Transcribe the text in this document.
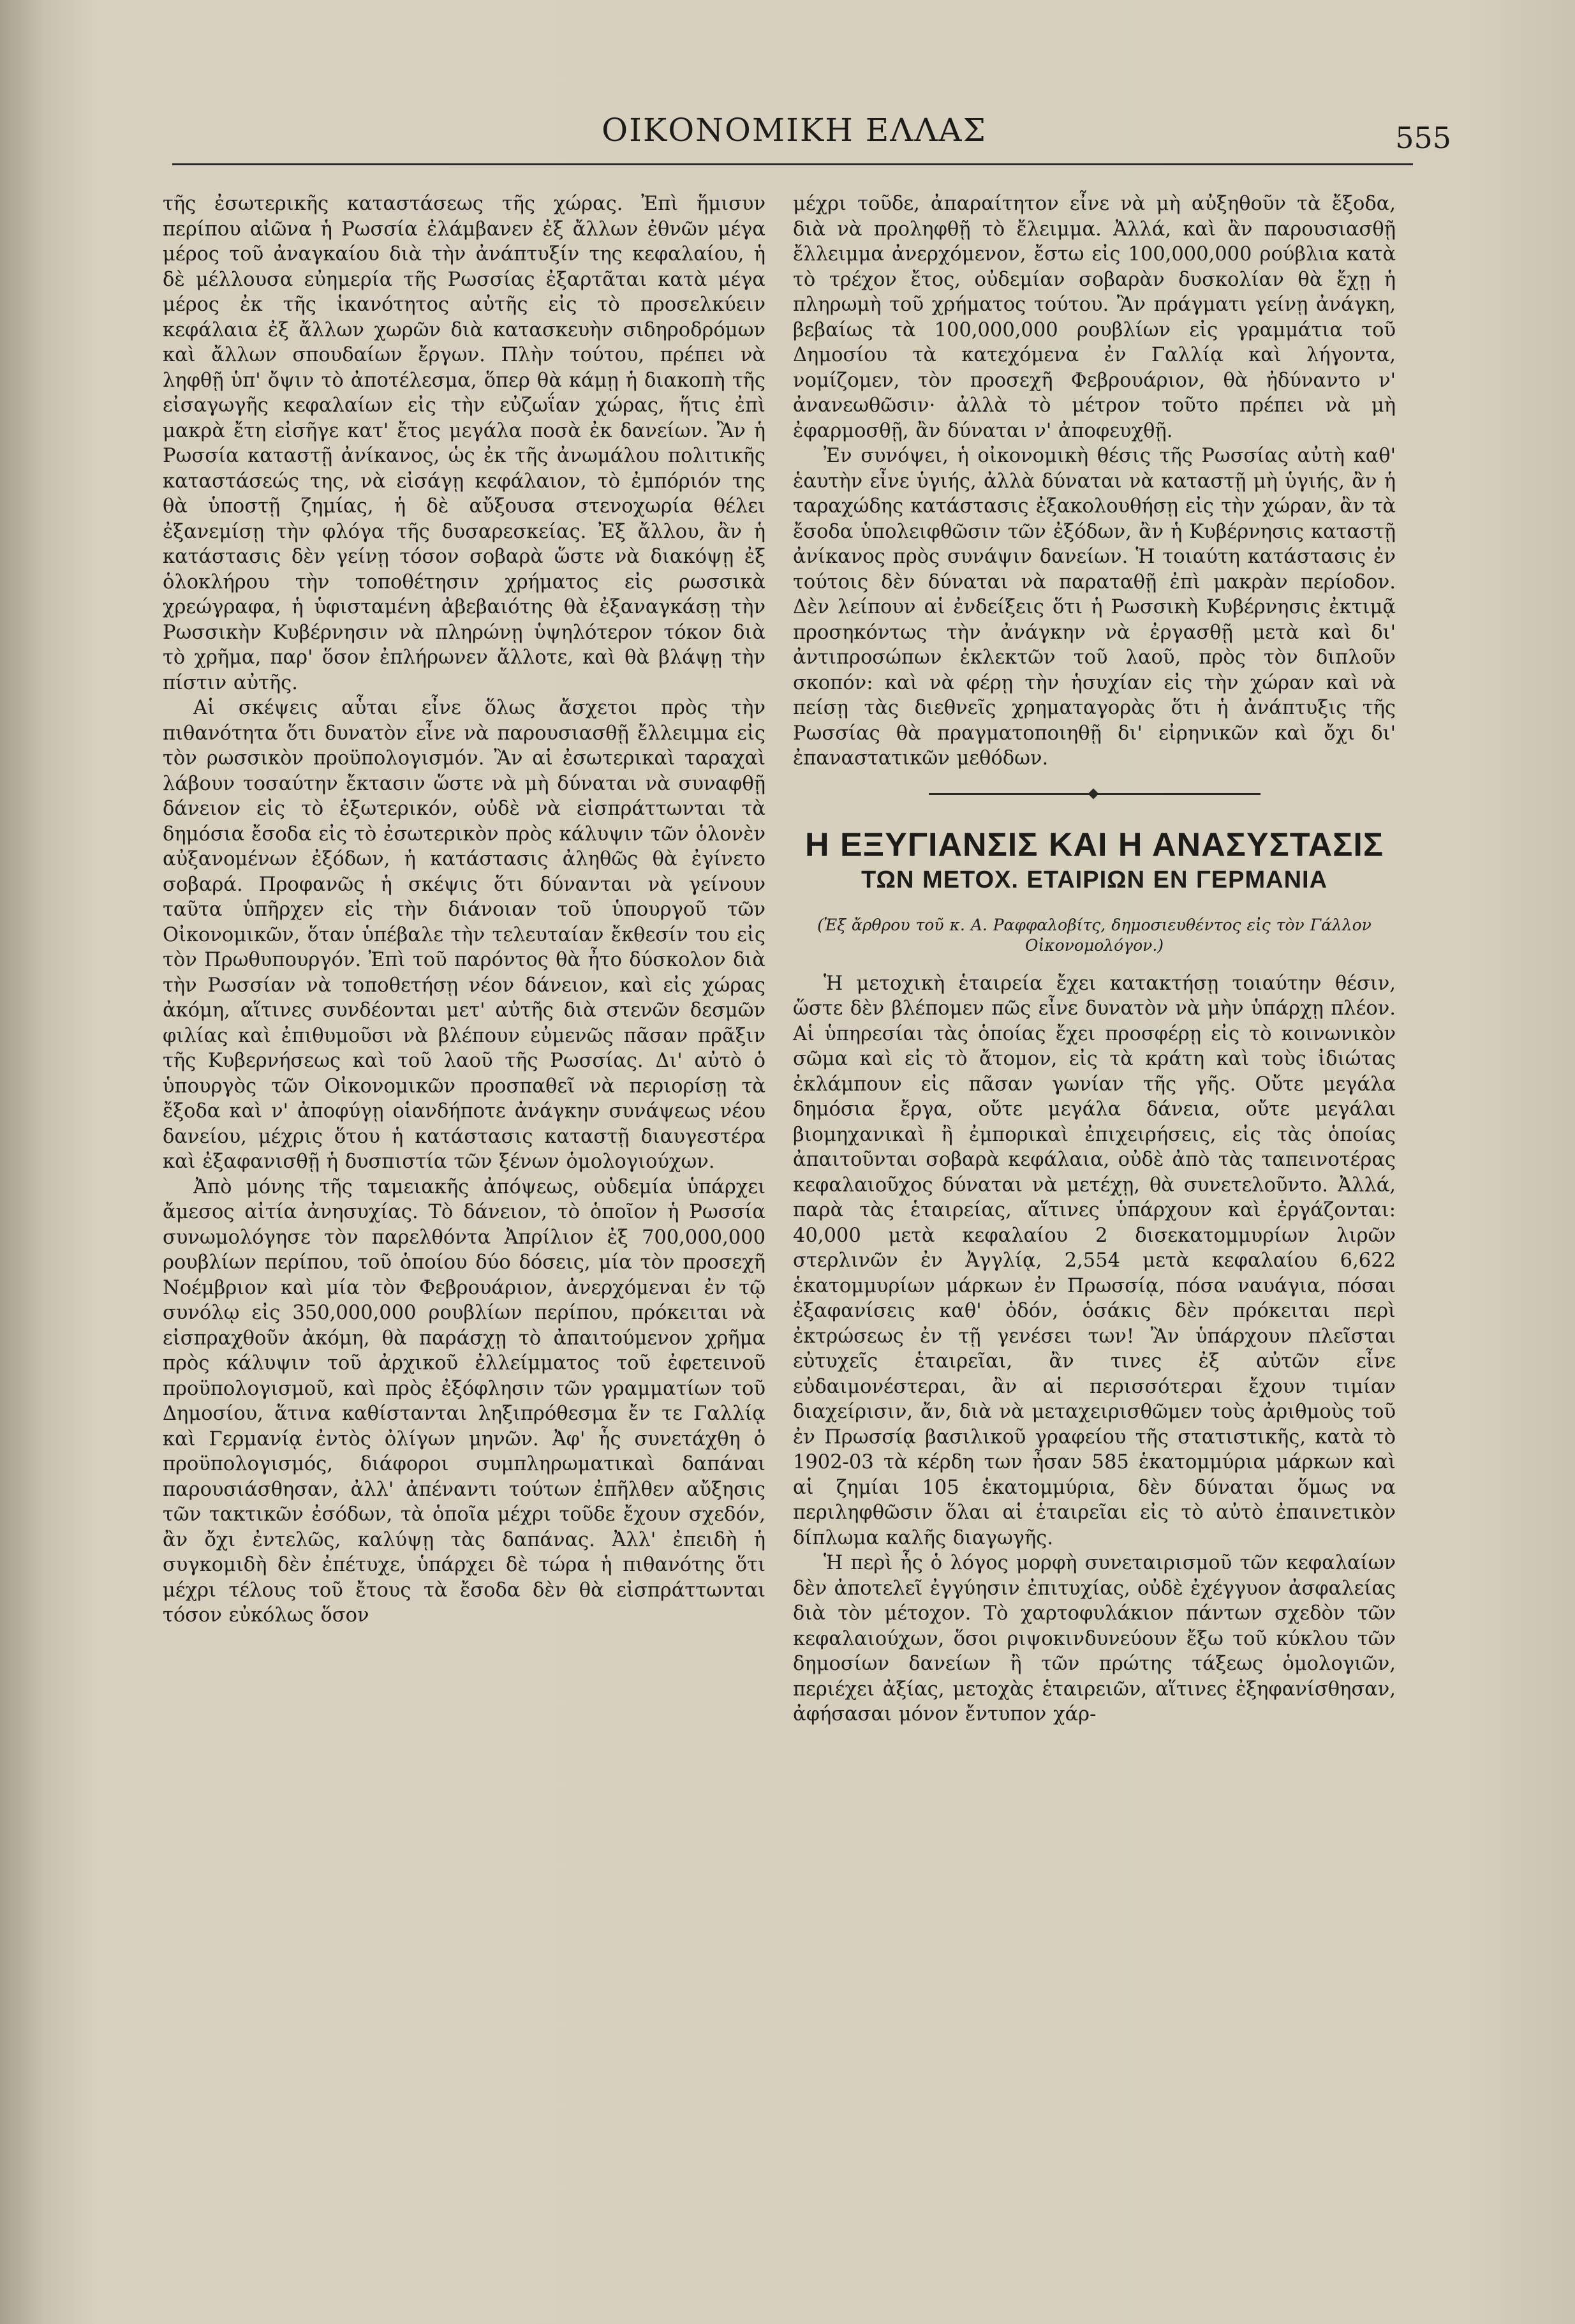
ΟΙΚΟΝΟΜΙΚΗ ΕΛΛΑΣ	555

τῆς ἐσωτερικῆς καταστάσεως τῆς χώρας. Ἐπὶ ἥμισυν περίπου αἰῶνα ἡ Ρωσσία ἐλάμβανεν ἐξ ἄλλων ἐθνῶν μέγα μέρος τοῦ ἀναγκαίου διὰ τὴν ἀνάπτυξίν της κεφαλαίου, ἡ δὲ μέλλουσα εὐημερία τῆς Ρωσσίας ἐξαρτᾶται κατὰ μέγα μέρος ἐκ τῆς ἱκανότητος αὐτῆς εἰς τὸ προσελκύειν κεφάλαια ἐξ ἄλλων χωρῶν διὰ κατασκευὴν σιδηροδρόμων καὶ ἄλλων σπουδαίων ἔργων. Πλὴν τούτου, πρέπει νὰ ληφθῇ ὑπ' ὄψιν τὸ ἀποτέλεσμα, ὅπερ θὰ κάμῃ ἡ διακοπὴ τῆς εἰσαγωγῆς κεφαλαίων εἰς τὴν εὐζωΐαν χώρας, ἥτις ἐπὶ μακρὰ ἔτη εἰσῆγε κατ' ἔτος μεγάλα ποσὰ ἐκ δανείων. Ἂν ἡ Ρωσσία καταστῇ ἀνίκανος, ὡς ἐκ τῆς ἀνωμάλου πολιτικῆς καταστάσεώς της, νὰ εἰσάγῃ κεφάλαιον, τὸ ἐμπόριόν της θὰ ὑποστῇ ζημίας, ἡ δὲ αὔξουσα στενοχωρία θέλει ἐξανεμίσῃ τὴν φλόγα τῆς δυσαρεσκείας. Ἐξ ἄλλου, ἂν ἡ κατάστασις δὲν γείνῃ τόσον σοβαρὰ ὥστε νὰ διακόψῃ ἐξ ὁλοκλήρου τὴν τοποθέτησιν χρήματος εἰς ρωσσικὰ χρεώγραφα, ἡ ὑφισταμένη ἀβεβαιότης θὰ ἐξαναγκάσῃ τὴν Ρωσσικὴν Κυβέρνησιν νὰ πληρώνῃ ὑψηλότερον τόκον διὰ τὸ χρῆμα, παρ' ὅσον ἐπλήρωνεν ἄλλοτε, καὶ θὰ βλάψῃ τὴν πίστιν αὐτῆς.

Αἱ σκέψεις αὗται εἶνε ὅλως ἄσχετοι πρὸς τὴν πιθανότητα ὅτι δυνατὸν εἶνε νὰ παρουσιασθῇ ἔλλειμμα εἰς τὸν ρωσσικὸν προϋπολογισμόν. Ἂν αἱ ἐσωτερικαὶ ταραχαὶ λάβουν τοσαύτην ἔκτασιν ὥστε νὰ μὴ δύναται νὰ συναφθῇ δάνειον εἰς τὸ ἐξωτερικόν, οὐδὲ νὰ εἰσπράττωνται τὰ δημόσια ἔσοδα εἰς τὸ ἐσωτερικὸν πρὸς κάλυψιν τῶν ὁλονὲν αὐξανομένων ἐξόδων, ἡ κατάστασις ἀληθῶς θὰ ἐγίνετο σοβαρά. Προφανῶς ἡ σκέψις ὅτι δύνανται νὰ γείνουν ταῦτα ὑπῆρχεν εἰς τὴν διάνοιαν τοῦ ὑπουργοῦ τῶν Οἰκονομικῶν, ὅταν ὑπέβαλε τὴν τελευταίαν ἔκθεσίν του εἰς τὸν Πρωθυπουργόν. Ἐπὶ τοῦ παρόντος θὰ ἦτο δύσκολον διὰ τὴν Ρωσσίαν νὰ τοποθετήσῃ νέον δάνειον, καὶ εἰς χώρας ἀκόμη, αἵτινες συνδέονται μετ' αὐτῆς διὰ στενῶν δεσμῶν φιλίας καὶ ἐπιθυμοῦσι νὰ βλέπουν εὐμενῶς πᾶσαν πρᾶξιν τῆς Κυβερνήσεως καὶ τοῦ λαοῦ τῆς Ρωσσίας. Δι' αὐτὸ ὁ ὑπουργὸς τῶν Οἰκονομικῶν προσπαθεῖ νὰ περιορίσῃ τὰ ἔξοδα καὶ ν' ἀποφύγῃ οἱανδήποτε ἀνάγκην συνάψεως νέου δανείου, μέχρις ὅτου ἡ κατάστασις καταστῇ διαυγεστέρα καὶ ἐξαφανισθῇ ἡ δυσπιστία τῶν ξένων ὁμολογιούχων.

Ἀπὸ μόνης τῆς ταμειακῆς ἀπόψεως, οὐδεμία ὑπάρχει ἄμεσος αἰτία ἀνησυχίας. Τὸ δάνειον, τὸ ὁποῖον ἡ Ρωσσία συνωμολόγησε τὸν παρελθόντα Ἀπρίλιον ἐξ 700,000,000 ρουβλίων περίπου, τοῦ ὁποίου δύο δόσεις, μία τὸν προσεχῆ Νοέμβριον καὶ μία τὸν Φεβρουάριον, ἀνερχόμεναι ἐν τῷ συνόλῳ εἰς 350,000,000 ρουβλίων περίπου, πρόκειται νὰ εἰσπραχθοῦν ἀκόμη, θὰ παράσχῃ τὸ ἀπαιτούμενον χρῆμα πρὸς κάλυψιν τοῦ ἀρχικοῦ ἐλλείμματος τοῦ ἐφετεινοῦ προϋπολογισμοῦ, καὶ πρὸς ἐξόφλησιν τῶν γραμματίων τοῦ Δημοσίου, ἅτινα καθίστανται ληξιπρόθεσμα ἔν τε Γαλλίᾳ καὶ Γερμανίᾳ ἐντὸς ὀλίγων μηνῶν. Ἀφ' ἧς συνετάχθη ὁ προϋπολογισμός, διάφοροι συμπληρωματικαὶ δαπάναι παρουσιάσθησαν, ἀλλ' ἀπέναντι τούτων ἐπῆλθεν αὔξησις τῶν τακτικῶν ἐσόδων, τὰ ὁποῖα μέχρι τοῦδε ἔχουν σχεδόν, ἂν ὄχι ἐντελῶς, καλύψῃ τὰς δαπάνας. Ἀλλ' ἐπειδὴ ἡ συγκομιδὴ δὲν ἐπέτυχε, ὑπάρχει δὲ τώρα ἡ πιθανότης ὅτι μέχρι τέλους τοῦ ἔτους τὰ ἔσοδα δὲν θὰ εἰσπράττωνται τόσον εὐκόλως ὅσον

μέχρι τοῦδε, ἀπαραίτητον εἶνε νὰ μὴ αὐξηθοῦν τὰ ἔξοδα, διὰ νὰ προληφθῇ τὸ ἔλειμμα. Ἀλλά, καὶ ἂν παρουσιασθῇ ἔλλειμμα ἀνερχόμενον, ἔστω εἰς 100,000,000 ρούβλια κατὰ τὸ τρέχον ἔτος, οὐδεμίαν σοβαρὰν δυσκολίαν θὰ ἔχῃ ἡ πληρωμὴ τοῦ χρήματος τούτου. Ἂν πράγματι γείνῃ ἀνάγκη, βεβαίως τὰ 100,000,000 ρουβλίων εἰς γραμμάτια τοῦ Δημοσίου τὰ κατεχόμενα ἐν Γαλλίᾳ καὶ λήγοντα, νομίζομεν, τὸν προσεχῆ Φεβρουάριον, θὰ ἠδύναντο ν' ἀνανεωθῶσιν· ἀλλὰ τὸ μέτρον τοῦτο πρέπει νὰ μὴ ἐφαρμοσθῇ, ἂν δύναται ν' ἀποφευχθῇ.

Ἐν συνόψει, ἡ οἰκονομικὴ θέσις τῆς Ρωσσίας αὐτὴ καθ' ἑαυτὴν εἶνε ὑγιής, ἀλλὰ δύναται νὰ καταστῇ μὴ ὑγιής, ἂν ἡ ταραχώδης κατάστασις ἐξακολουθήσῃ εἰς τὴν χώραν, ἂν τὰ ἔσοδα ὑπολειφθῶσιν τῶν ἐξόδων, ἂν ἡ Κυβέρνησις καταστῇ ἀνίκανος πρὸς συνάψιν δανείων. Ἡ τοιαύτη κατάστασις ἐν τούτοις δὲν δύναται νὰ παραταθῇ ἐπὶ μακρὰν περίοδον. Δὲν λείπουν αἱ ἐνδείξεις ὅτι ἡ Ρωσσικὴ Κυβέρνησις ἐκτιμᾷ προσηκόντως τὴν ἀνάγκην νὰ ἐργασθῇ μετὰ καὶ δι' ἀντιπροσώπων ἐκλεκτῶν τοῦ λαοῦ, πρὸς τὸν διπλοῦν σκοπόν: καὶ νὰ φέρῃ τὴν ἡσυχίαν εἰς τὴν χώραν καὶ νὰ πείσῃ τὰς διεθνεῖς χρηματαγορὰς ὅτι ἡ ἀνάπτυξις τῆς Ρωσσίας θὰ πραγματοποιηθῇ δι' εἰρηνικῶν καὶ ὄχι δι' ἐπαναστατικῶν μεθόδων.

Η ΕΞΥΓΙΑΝΣΙΣ ΚΑΙ Η ΑΝΑΣΥΣΤΑΣΙΣ
ΤΩΝ ΜΕΤΟΧ. ΕΤΑΙΡΙΩΝ ΕΝ ΓΕΡΜΑΝΙΑ
(Ἐξ ἄρθρου τοῦ κ. Α. Ραφφαλοβίτς, δημοσιευθέντος εἰς τὸν Γάλλον Οἰκονομολόγον.)

Ἡ μετοχικὴ ἑταιρεία ἔχει κατακτήσῃ τοιαύτην θέσιν, ὥστε δὲν βλέπομεν πῶς εἶνε δυνατὸν νὰ μὴν ὑπάρχῃ πλέον. Αἱ ὑπηρεσίαι τὰς ὁποίας ἔχει προσφέρῃ εἰς τὸ κοινωνικὸν σῶμα καὶ εἰς τὸ ἄτομον, εἰς τὰ κράτη καὶ τοὺς ἰδιώτας ἐκλάμπουν εἰς πᾶσαν γωνίαν τῆς γῆς. Οὔτε μεγάλα δημόσια ἔργα, οὔτε μεγάλα δάνεια, οὔτε μεγάλαι βιομηχανικαὶ ἢ ἐμπορικαὶ ἐπιχειρήσεις, εἰς τὰς ὁποίας ἀπαιτοῦνται σοβαρὰ κεφάλαια, οὐδὲ ἀπὸ τὰς ταπεινοτέρας κεφαλαιοῦχος δύναται νὰ μετέχῃ, θὰ συνετελοῦντο. Ἀλλά, παρὰ τὰς ἑταιρείας, αἵτινες ὑπάρχουν καὶ ἐργάζονται: 40,000 μετὰ κεφαλαίου 2 δισεκατομμυρίων λιρῶν στερλινῶν ἐν Ἀγγλίᾳ, 2,554 μετὰ κεφαλαίου 6,622 ἑκατομμυρίων μάρκων ἐν Πρωσσίᾳ, πόσα ναυάγια, πόσαι ἐξαφανίσεις καθ' ὁδόν, ὁσάκις δὲν πρόκειται περὶ ἐκτρώσεως ἐν τῇ γενέσει των! Ἂν ὑπάρχουν πλεῖσται εὐτυχεῖς ἑταιρεῖαι, ἂν τινες ἐξ αὐτῶν εἶνε εὐδαιμονέστεραι, ἂν αἱ περισσότεραι ἔχουν τιμίαν διαχείρισιν, ἄν, διὰ νὰ μεταχειρισθῶμεν τοὺς ἀριθμοὺς τοῦ ἐν Πρωσσίᾳ βασιλικοῦ γραφείου τῆς στατιστικῆς, κατὰ τὸ 1902-03 τὰ κέρδη των ἦσαν 585 ἑκατομμύρια μάρκων καὶ αἱ ζημίαι 105 ἑκατομμύρια, δὲν δύναται ὅμως να περιληφθῶσιν ὅλαι αἱ ἑταιρεῖαι εἰς τὸ αὐτὸ ἐπαινετικὸν δίπλωμα καλῆς διαγωγῆς.

Ἡ περὶ ἧς ὁ λόγος μορφὴ συνεταιρισμοῦ τῶν κεφαλαίων δὲν ἀποτελεῖ ἐγγύησιν ἐπιτυχίας, οὐδὲ ἐχέγγυον ἀσφαλείας διὰ τὸν μέτοχον. Τὸ χαρτοφυλάκιον πάντων σχεδὸν τῶν κεφαλαιούχων, ὅσοι ριψοκινδυνεύουν ἔξω τοῦ κύκλου τῶν δημοσίων δανείων ἢ τῶν πρώτης τάξεως ὁμολογιῶν, περιέχει ἀξίας, μετοχὰς ἑταιρειῶν, αἵτινες ἐξηφανίσθησαν, ἀφήσασαι μόνον ἔντυπον χάρ-
